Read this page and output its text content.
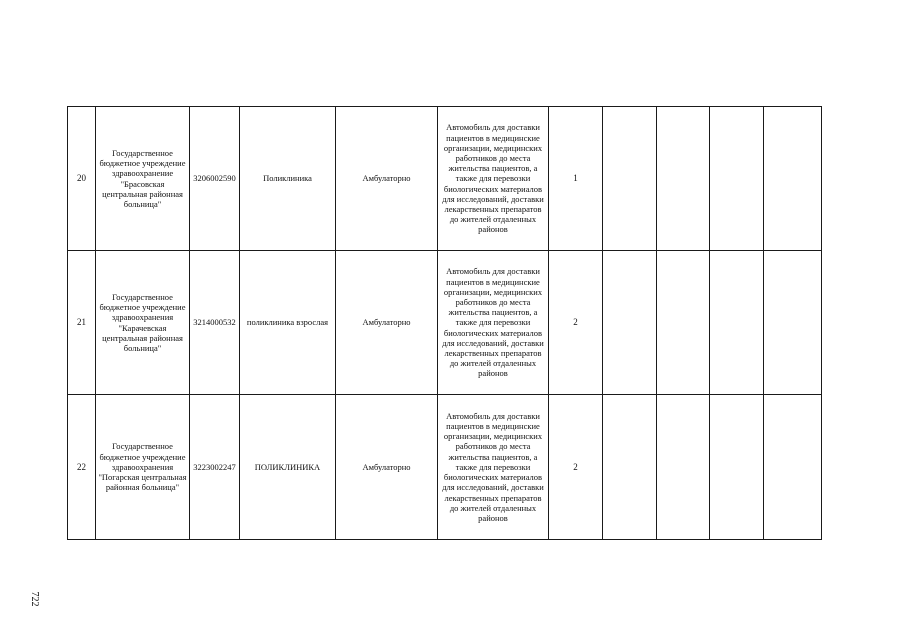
20	Государственное бюджетное учреждение здравоохранение "Брасовская центральная районная больница"	3206002590	Поликлиника	Амбулаторно	Автомобиль для доставки пациентов в медицинские организации, медицинских работников до места жительства пациентов, а также для перевозки биологических материалов для исследований, доставки лекарственных препаратов до жителей отдаленных районов	1				
21	Государственное бюджетное учреждение здравоохранения "Карачевская центральная районная больница"	3214000532	поликлиника взрослая	Амбулаторно	Автомобиль для доставки пациентов в медицинские организации, медицинских работников до места жительства пациентов, а также для перевозки биологических материалов для исследований, доставки лекарственных препаратов до жителей отдаленных районов	2				
22	Государственное бюджетное учреждение здравоохранения "Погарская центральная районная больница"	3223002247	ПОЛИКЛИНИКА	Амбулаторно	Автомобиль для доставки пациентов в медицинские организации, медицинских работников до места жительства пациентов, а также для перевозки биологических материалов для исследований, доставки лекарственных препаратов до жителей отдаленных районов	2				
722
